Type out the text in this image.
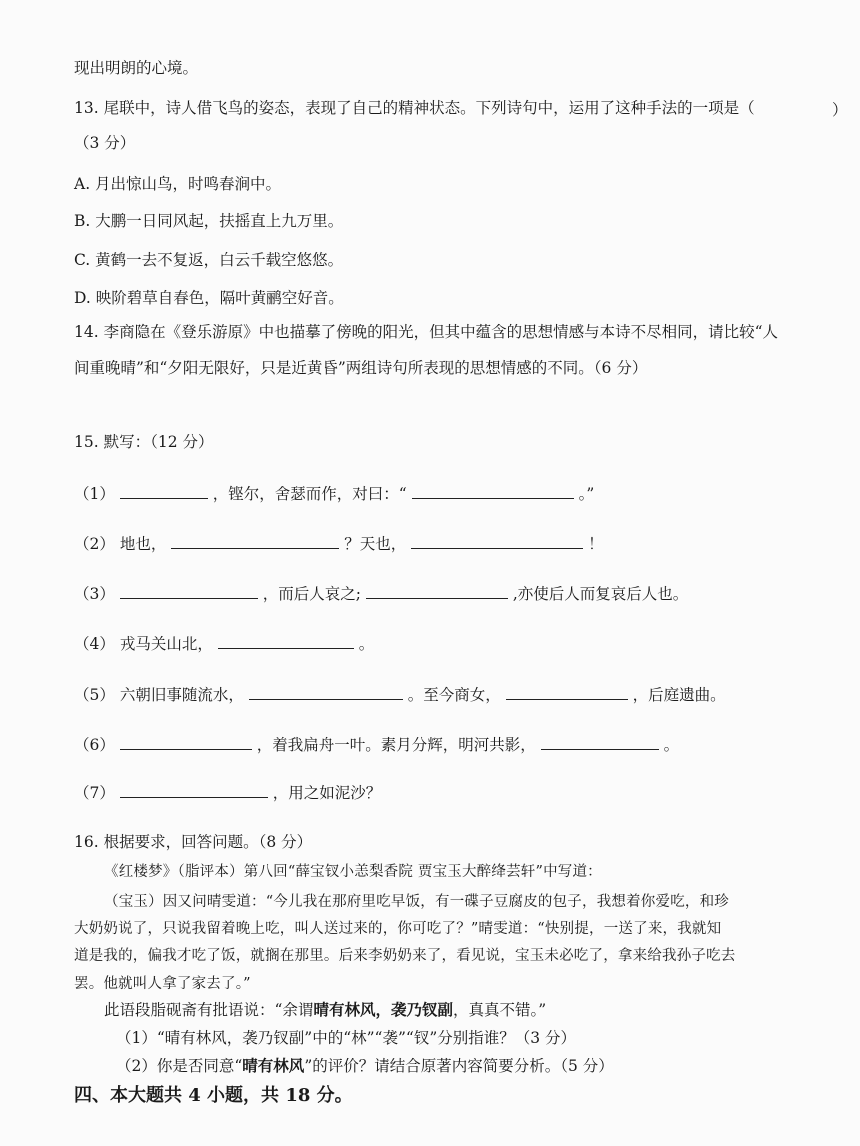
现出明朗的心境。
13. 尾联中，诗人借飞鸟的姿态，表现了自己的精神状态。下列诗句中，运用了这种手法的一项是（	）
（3 分）
A. 月出惊山鸟，时鸣春涧中。
B. 大鹏一日同风起，扶摇直上九万里。
C. 黄鹤一去不复返，白云千载空悠悠。
D. 映阶碧草自春色，隔叶黄鹂空好音。
14. 李商隐在《登乐游原》中也描摹了傍晚的阳光，但其中蕴含的思想情感与本诗不尽相同，请比较“人
间重晚晴”和“夕阳无限好，只是近黄昏”两组诗句所表现的思想情感的不同。（6 分）
15. 默写：（12 分）
（1）	，铿尔，舍瑟而作，对曰：“	。”
（2） 地也，	？天也，	！
（3）	，而后人哀之;	,亦使后人而复哀后人也。
（4） 戎马关山北，	。
（5） 六朝旧事随流水，	。至今商女，	，后庭遗曲。
（6）	，着我扁舟一叶。素月分辉，明河共影，	。
（7）	，用之如泥沙？
16. 根据要求，回答问题。（8 分）
《红楼梦》（脂评本）第八回“薛宝钗小恙梨香院 贾宝玉大醉绛芸轩”中写道：
（宝玉）因又问晴雯道：“今儿我在那府里吃早饭，有一碟子豆腐皮的包子，我想着你爱吃，和珍
大奶奶说了，只说我留着晚上吃，叫人送过来的，你可吃了？”晴雯道：“快别提，一送了来，我就知
道是我的，偏我才吃了饭，就搁在那里。后来李奶奶来了，看见说，宝玉未必吃了，拿来给我孙子吃去
罢。他就叫人拿了家去了。”
此语段脂砚斋有批语说：“余谓晴有林风，袭乃钗副，真真不错。”
（1）“晴有林风，袭乃钗副”中的“林”“袭”“钗”分别指谁？（3 分）
（2）你是否同意“晴有林风”的评价？请结合原著内容简要分析。（5 分）
四、本大题共 4 小题，共 18 分。
